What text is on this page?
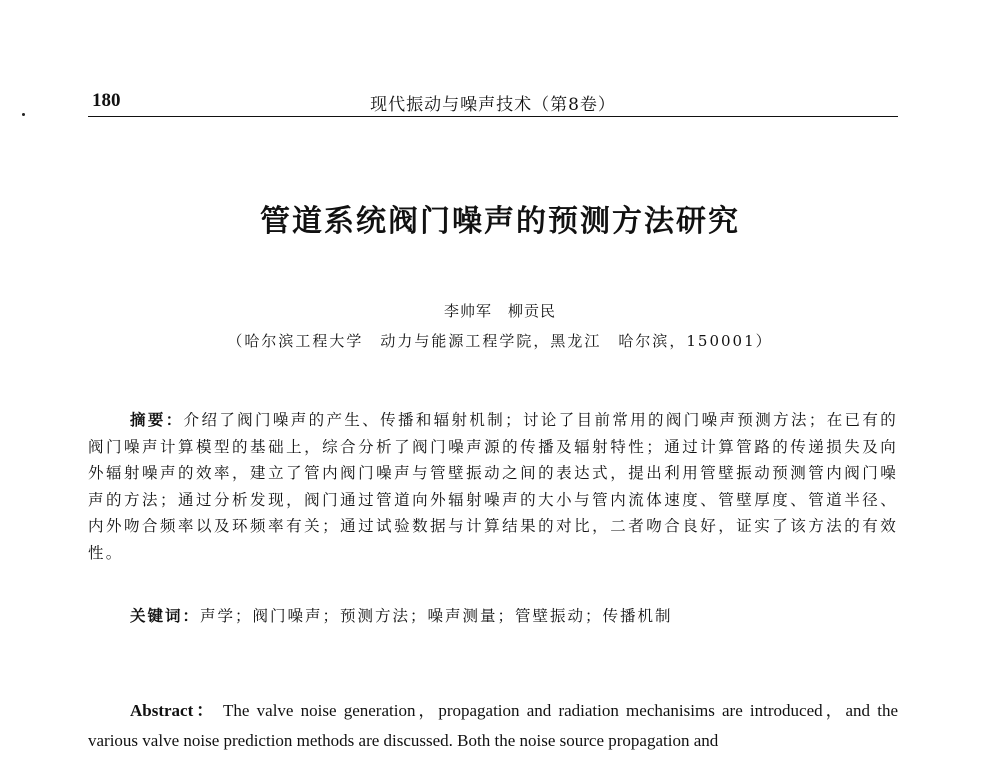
180	现代振动与噪声技术（第8卷）
管道系统阀门噪声的预测方法研究
李帅军　柳贡民
（哈尔滨工程大学　动力与能源工程学院，黑龙江　哈尔滨，150001）
摘要：介绍了阀门噪声的产生、传播和辐射机制；讨论了目前常用的阀门噪声预测方法；在已有的阀门噪声计算模型的基础上，综合分析了阀门噪声源的传播及辐射特性；通过计算管路的传递损失及向外辐射噪声的效率，建立了管内阀门噪声与管壁振动之间的表达式，提出利用管壁振动预测管内阀门噪声的方法；通过分析发现，阀门通过管道向外辐射噪声的大小与管内流体速度、管壁厚度、管道半径、内外吻合频率以及环频率有关；通过试验数据与计算结果的对比，二者吻合良好，证实了该方法的有效性。
关键词：声学；阀门噪声；预测方法；噪声测量；管壁振动；传播机制
Abstract： The valve noise generation，propagation and radiation mechanisims are introduced，and the various valve noise prediction methods are discussed. Both the noise source propagation and
